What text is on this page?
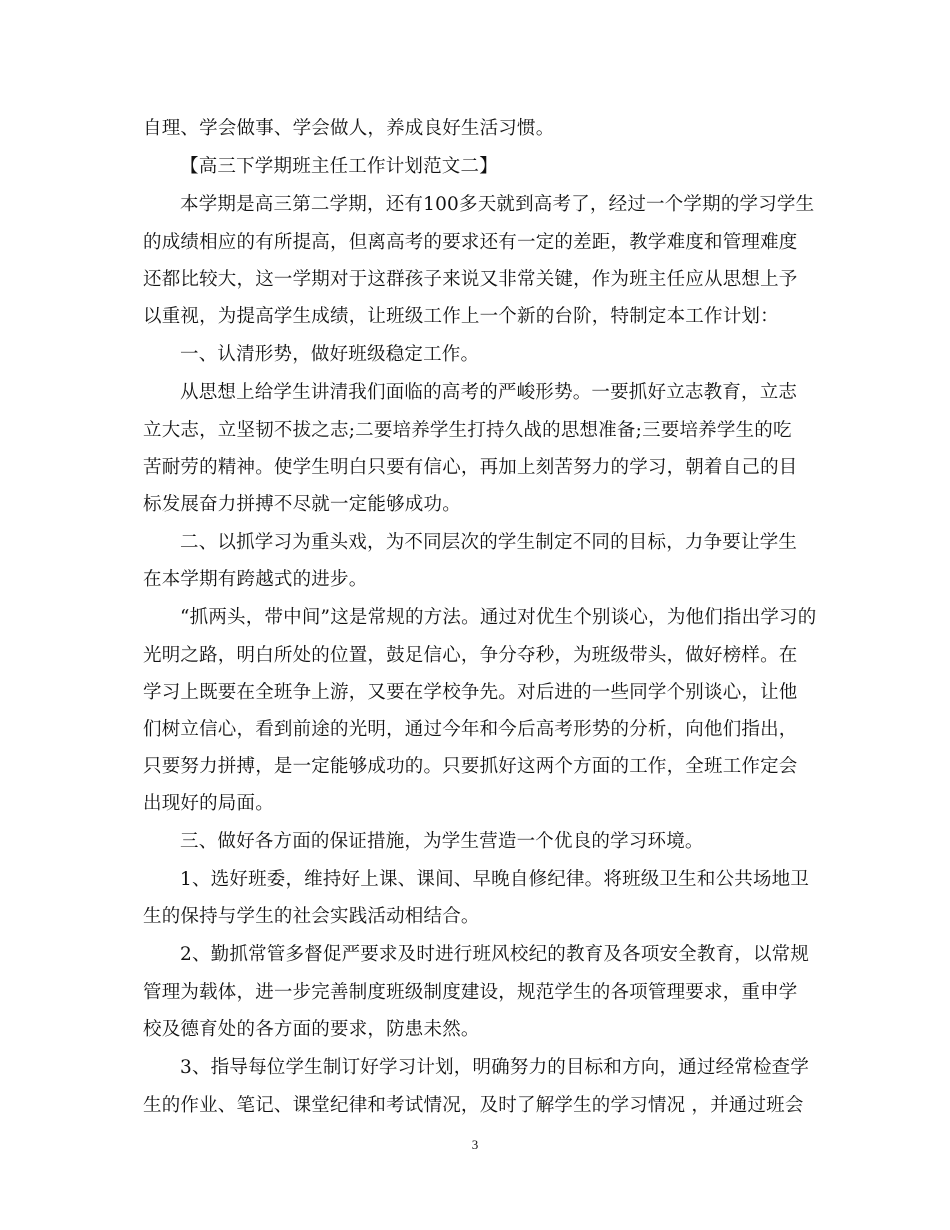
自理、学会做事、学会做人，养成良好生活习惯。
【高三下学期班主任工作计划范文二】
本学期是高三第二学期，还有100多天就到高考了，经过一个学期的学习学生
的成绩相应的有所提高，但离高考的要求还有一定的差距，教学难度和管理难度
还都比较大，这一学期对于这群孩子来说又非常关键，作为班主任应从思想上予
以重视，为提高学生成绩，让班级工作上一个新的台阶，特制定本工作计划：
一、认清形势，做好班级稳定工作。
从思想上给学生讲清我们面临的高考的严峻形势。一要抓好立志教育，立志
立大志，立坚韧不拔之志;二要培养学生打持久战的思想准备;三要培养学生的吃
苦耐劳的精神。使学生明白只要有信心，再加上刻苦努力的学习，朝着自己的目
标发展奋力拼搏不尽就一定能够成功。
二、以抓学习为重头戏，为不同层次的学生制定不同的目标，力争要让学生
在本学期有跨越式的进步。
“抓两头，带中间”这是常规的方法。通过对优生个别谈心，为他们指出学习的
光明之路，明白所处的位置，鼓足信心，争分夺秒，为班级带头，做好榜样。在
学习上既要在全班争上游，又要在学校争先。对后进的一些同学个别谈心，让他
们树立信心，看到前途的光明，通过今年和今后高考形势的分析，向他们指出，
只要努力拼搏，是一定能够成功的。只要抓好这两个方面的工作，全班工作定会
出现好的局面。
三、做好各方面的保证措施，为学生营造一个优良的学习环境。
1、选好班委，维持好上课、课间、早晚自修纪律。将班级卫生和公共场地卫
生的保持与学生的社会实践活动相结合。
2、勤抓常管多督促严要求及时进行班风校纪的教育及各项安全教育，以常规
管理为载体，进一步完善制度班级制度建设，规范学生的各项管理要求，重申学
校及德育处的各方面的要求，防患未然。
3、指导每位学生制订好学习计划，明确努力的目标和方向，通过经常检查学
生的作业、笔记、课堂纪律和考试情况，及时了解学生的学习情况 ，并通过班会
3
